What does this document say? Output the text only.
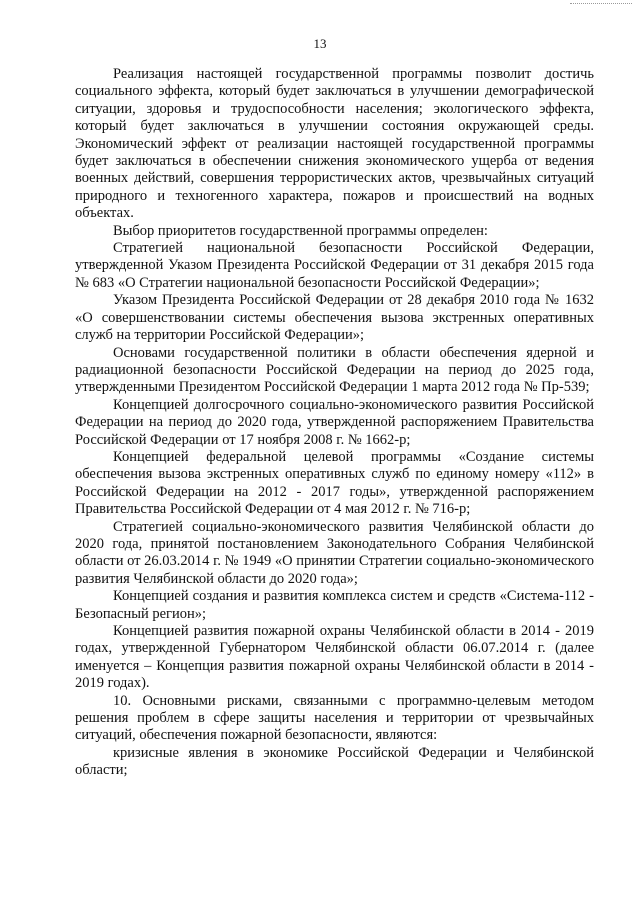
13

Реализация настоящей государственной программы позволит достичь социального эффекта, который будет заключаться в улучшении демографической ситуации, здоровья и трудоспособности населения; экологического эффекта, который будет заключаться в улучшении состояния окружающей среды. Экономический эффект от реализации настоящей государственной программы будет заключаться в обеспечении снижения экономического ущерба от ведения военных действий, совершения террористических актов, чрезвычайных ситуаций природного и техногенного характера, пожаров и происшествий на водных объектах.

Выбор приоритетов государственной программы определен:

Стратегией национальной безопасности Российской Федерации, утвержденной Указом Президента Российской Федерации от 31 декабря 2015 года № 683 «О Стратегии национальной безопасности Российской Федерации»;

Указом Президента Российской Федерации от 28 декабря 2010 года № 1632 «О совершенствовании системы обеспечения вызова экстренных оперативных служб на территории Российской Федерации»;

Основами государственной политики в области обеспечения ядерной и радиационной безопасности Российской Федерации на период до 2025 года, утвержденными Президентом Российской Федерации 1 марта 2012 года № Пр-539;

Концепцией долгосрочного социально-экономического развития Российской Федерации на период до 2020 года, утвержденной распоряжением Правительства Российской Федерации от 17 ноября 2008 г. № 1662-р;

Концепцией федеральной целевой программы «Создание системы обеспечения вызова экстренных оперативных служб по единому номеру «112» в Российской Федерации на 2012 - 2017 годы», утвержденной распоряжением Правительства Российской Федерации от 4 мая 2012 г. № 716-р;

Стратегией социально-экономического развития Челябинской области до 2020 года, принятой постановлением Законодательного Собрания Челябинской области от 26.03.2014 г. № 1949 «О принятии Стратегии социально-экономического развития Челябинской области до 2020 года»;

Концепцией создания и развития комплекса систем и средств «Система-112 - Безопасный регион»;

Концепцией развития пожарной охраны Челябинской области в 2014 - 2019 годах, утвержденной Губернатором Челябинской области 06.07.2014 г. (далее именуется – Концепция развития пожарной охраны Челябинской области в 2014 - 2019 годах).

10. Основными рисками, связанными с программно-целевым методом решения проблем в сфере защиты населения и территории от чрезвычайных ситуаций, обеспечения пожарной безопасности, являются:

кризисные явления в экономике Российской Федерации и Челябинской области;
